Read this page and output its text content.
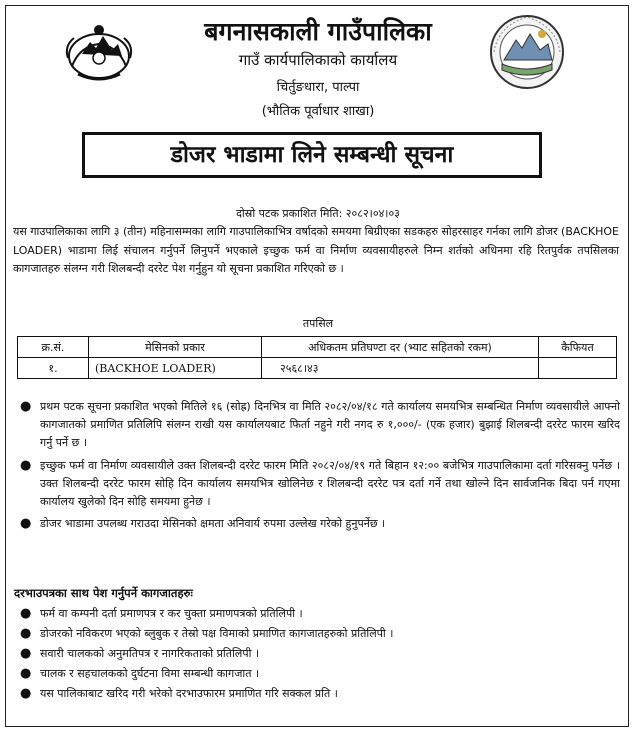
बगनासकाली गाउँपालिका
गाउँ कार्यपालिकाको कार्यालय
चिर्तुङधारा, पाल्पा
(भौतिक पूर्वाधार शाखा)
डोजर भाडामा लिने सम्बन्धी सूचना
दोस्रो पटक प्रकाशित मिति: २०८२।०४।०३
यस गाउपालिकाका लागि ३ (तीन) महिनासम्मका लागि गाउपालिकाभित्र वर्षादको समयमा बिग्रीएका सडकहरु सोहरसाहर गर्नका लागि डोजर (BACKHOE LOADER) भाडामा लिई संचालन गर्नुपर्ने लिनुपर्ने भएकाले इच्छुक फर्म वा निर्माण व्यवसायीहरुले निम्न शर्तको अधिनमा रहि रितपुर्वक तपसिलका कागजातहरु संलग्न गरी शिलबन्दी दररेट पेश गर्नुहुन यो सूचना प्रकाशित गरिएको छ ।
तपसिल
क्र.सं.	मेसिनको प्रकार	अधिकतम प्रतिघण्टा दर (भ्याट सहितको रकम)	कैफियत
१.	(BACKHOE LOADER)	२५६८।४३	
● प्रथम पटक सूचना प्रकाशित भएको मितिले १६ (सोह्र) दिनभित्र वा मिति २०८२/०४/१८ गते कार्यालय समयभित्र सम्बन्धित निर्माण व्यवसायीले आफ्नो कागजातको प्रमाणित प्रतिलिपि संलग्न राखी यस कार्यालयबाट फिर्ता नहुने गरी नगद रु १,०००/- (एक हजार) बुझाई शिलबन्दी दररेट फारम खरिद गर्नु पर्ने छ ।
● इच्छुक फर्म वा निर्माण व्यवसायीले उक्त शिलबन्दी दररेट फारम मिति २०८२/०४/१९ गते बिहान १२:०० बजेभित्र गाउपालिकामा दर्ता गरिसक्नु पर्नेछ । उक्त शिलबन्दी दररेट फारम सोहि दिन कार्यालय समयभित्र खोलिनेछ र शिलबन्दी दररेट पत्र दर्ता गर्ने तथा खोल्ने दिन सार्वजनिक बिदा पर्न गएमा कार्यालय खुलेको दिन सोहि समयमा हुनेछ ।
● डोजर भाडामा उपलब्ध गराउदा मेसिनको क्षमता अनिवार्य रुपमा उल्लेख गरेको हुनुपर्नेछ ।
दरभाउपत्रका साथ पेश गर्नुपर्ने कागजातहरुः
● फर्म वा कम्पनी दर्ता प्रमाणपत्र र कर चुक्ता प्रमाणपत्रको प्रतिलिपी ।
● डोजरको नविकरण भएको ब्लुबुक र तेस्रो पक्ष विमाको प्रमाणित कागजातहरुको प्रतिलिपी ।
● सवारी चालकको अनुमतिपत्र र नागरिकताको प्रतिलिपी ।
● चालक र सहचालकको दुर्घटना विमा सम्बन्धी कागजात ।
● यस पालिकाबाट खरिद गरी भरेको दरभाउफारम प्रमाणित गरि सक्कल प्रति ।
